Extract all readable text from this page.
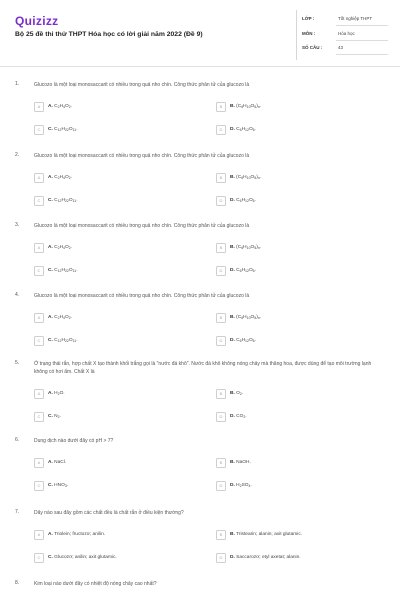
Quizizz
Bộ 25 đề thi thử THPT Hóa học có lời giải năm 2022 (Đề 9)
LỚP :	Tốt nghiệp THPT
MÔN :	Hóa học
SỐ CÂU :	43
1.	Glucozo là một loại monosaccarit có nhiều trong quả nho chín. Công thức phân tử của glucozo là
A	A. $C_2H_4O_2$.	B	B. $(C_6H_{10}O_5)_n$.
C	C. $C_{12}H_{22}O_{11}$.	D	D. $C_6H_{12}O_6$.
2.	Glucozo là một loại monosaccarit có nhiều trong quả nho chín. Công thức phân tử của glucozo là
A	A. $C_2H_4O_2$.	B	B. $(C_6H_{10}O_5)_n$.
C	C. $C_{12}H_{22}O_{11}$.	D	D. $C_6H_{12}O_6$.
3.	Glucozo là một loại monosaccarit có nhiều trong quả nho chín. Công thức phân tử của glucozo là
A	A. $C_2H_4O_2$.	B	B. $(C_6H_{10}O_5)_n$.
C	C. $C_{12}H_{22}O_{11}$.	D	D. $C_6H_{12}O_6$.
4.	Glucozo là một loại monosaccarit có nhiều trong quả nho chín. Công thức phân tử của glucozo là
A	A. $C_2H_4O_2$.	B	B. $(C_6H_{10}O_5)_n$.
C	C. $C_{12}H_{22}O_{11}$.	D	D. $C_6H_{12}O_6$.
5.	Ở trạng thái rắn, hợp chất X tạo thành khối trắng gọi là "nước đá khô". Nước đá khô không nóng chảy mà thăng hoa, được dùng để tạo môi trường lạnh không có hơi ẩm. Chất X là
A	A. $H_2O$.	B	B. $O_2$.
C	C. $N_2$.	D	D. $CO_2$.
6.	Dung dịch nào dưới đây có pH > 7?
A	A. NaCl.	B	B. NaOH.
C	C. $HNO_3$.	D	D. $H_2SO_4$.
7.	Dãy nào sau đây gồm các chất đều là chất rắn ở điều kiện thường?
A	A. Triolein; fructozơ; anilin.	B	B. Tristearin; alanin; axit glutamic.
C	C. Glucozơ; anilin; axit glutamic.	D	D. Saccarozơ; etyl axetat; alanin.
8.	Kim loại nào dưới đây có nhiệt độ nóng chảy cao nhất?
